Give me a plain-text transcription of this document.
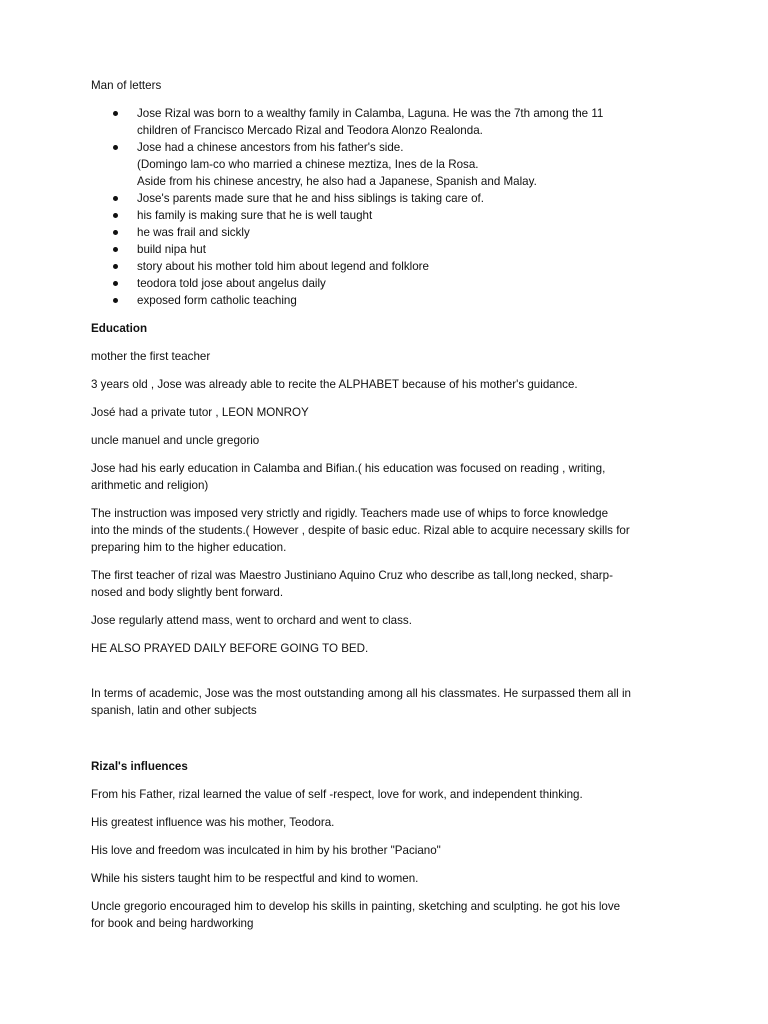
Man of letters
Jose Rizal was born to a wealthy family in Calamba, Laguna. He was the 7th among the 11
children of Francisco Mercado Rizal and Teodora Alonzo Realonda.
Jose had a chinese ancestors from his father's side.
(Domingo lam-co who married a chinese meztiza, Ines de la Rosa.
Aside from his chinese ancestry, he also had a Japanese, Spanish and Malay.
Jose's parents made sure that he and hiss siblings is taking care of.
his family is making sure that he is well taught
he was frail and sickly
build nipa hut
story about his mother told him about legend and folklore
teodora told jose about angelus daily
exposed form catholic teaching
Education
mother the first teacher
3 years old , Jose was already able to recite the ALPHABET because of his mother's guidance.
José had a private tutor , LEON MONROY
uncle manuel and uncle gregorio
Jose had his early education in Calamba and Bifian.( his education was focused on reading , writing,
arithmetic and religion)
The instruction was imposed very strictly and rigidly. Teachers made use of whips to force knowledge
into the minds of the students.( However , despite of basic educ. Rizal able to acquire necessary skills for
preparing him to the higher education.
The first teacher of rizal was Maestro Justiniano Aquino Cruz who describe as tall,long necked, sharp-
nosed and body slightly bent forward.
Jose regularly attend mass, went to orchard and went to class.
HE ALSO PRAYED DAILY BEFORE GOING TO BED.
In terms of academic, Jose was the most outstanding among all his classmates. He surpassed them all in
spanish, latin and other subjects
Rizal's influences
From his Father, rizal learned the value of self -respect, love for work, and independent thinking.
His greatest influence was his mother, Teodora.
His love and freedom was inculcated in him by his brother "Paciano"
While his sisters taught him to be respectful and kind to women.
Uncle gregorio encouraged him to develop his skills in painting, sketching and sculpting. he got his love
for book and being hardworking
